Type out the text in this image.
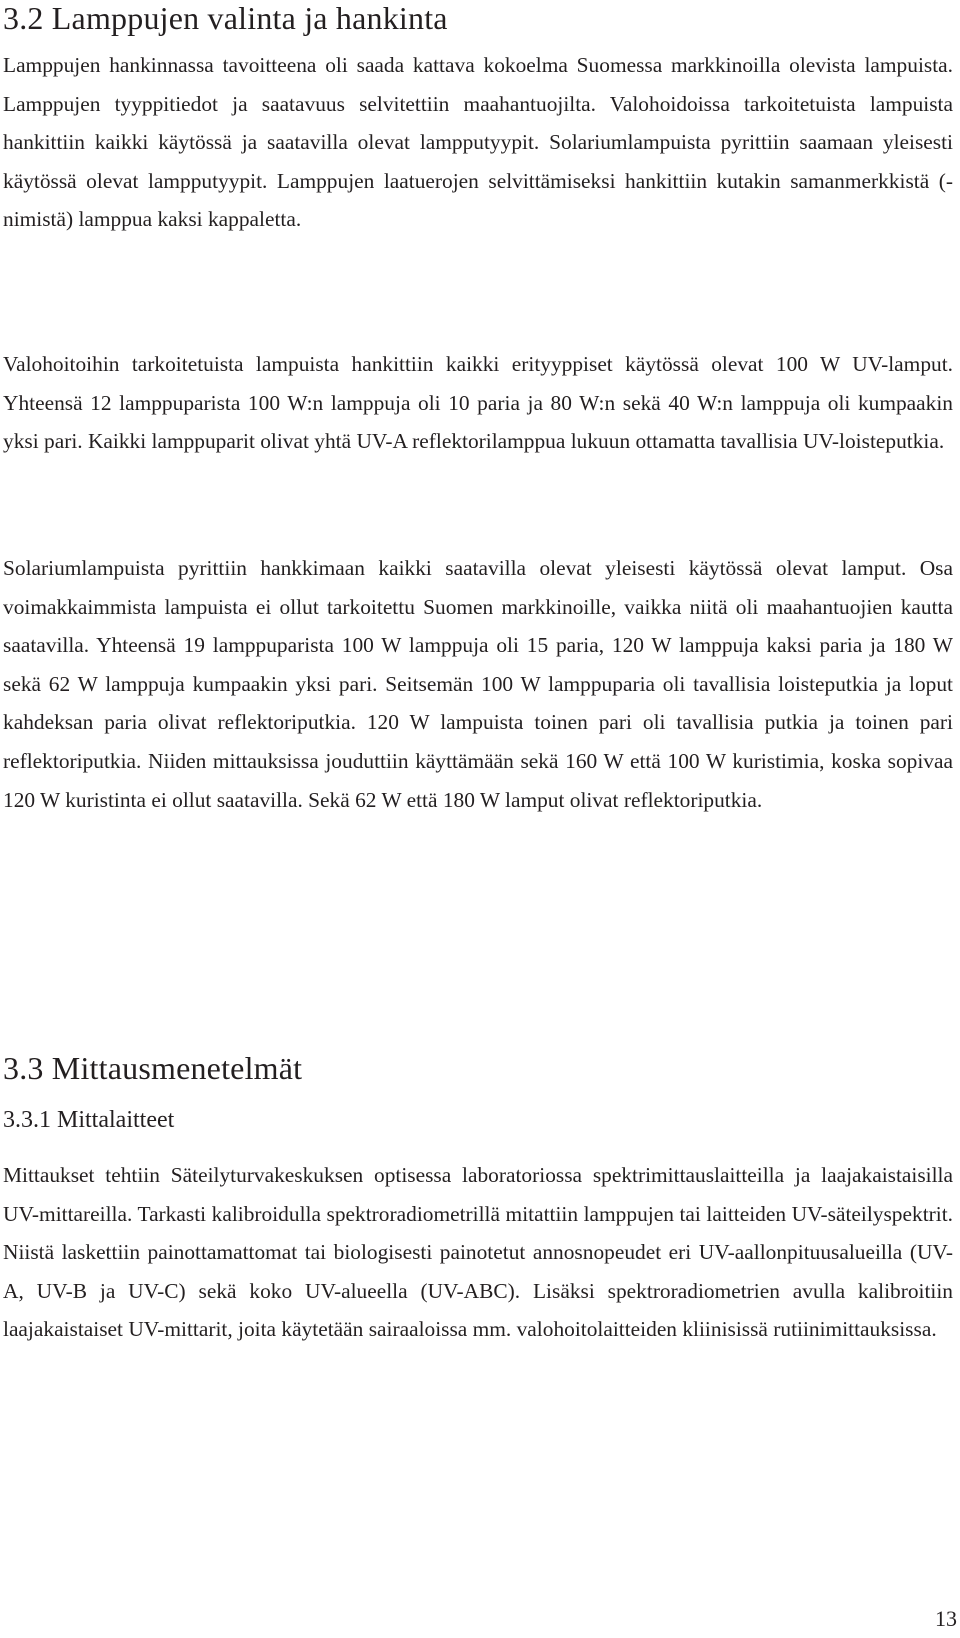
3.2 Lamppujen valinta ja hankinta

Lamppujen hankinnassa tavoitteena oli saada kattava kokoelma Suomessa markkinoilla olevista lampuista. Lamppujen tyyppitiedot ja saatavuus selvitettiin maahantuojilta. Valohoidoissa tarkoitetuista lampuista hankittiin kaikki käytössä ja saatavilla olevat lampputyypit. Solariumlampuista pyrittiin saamaan yleisesti käytössä olevat lampputyypit. Lamppujen laatuerojen selvittämiseksi hankittiin kutakin samanmerkkistä (-nimistä) lamppua kaksi kappaletta.

Valohoitoihin tarkoitetuista lampuista hankittiin kaikki erityyppiset käytössä olevat 100 W UV-lamput. Yhteensä 12 lamppuparista 100 W:n lamppuja oli 10 paria ja 80 W:n sekä 40 W:n lamppuja oli kumpaakin yksi pari. Kaikki lamppuparit olivat yhtä UV-A reflektorilamppua lukuun ottamatta tavallisia UV-loisteputkia.

Solariumlampuista pyrittiin hankkimaan kaikki saatavilla olevat yleisesti käytössä olevat lamput. Osa voimakkaimmista lampuista ei ollut tarkoitettu Suomen markkinoille, vaikka niitä oli maahantuojien kautta saatavilla. Yhteensä 19 lamppuparista 100 W lamppuja oli 15 paria, 120 W lamppuja kaksi paria ja 180 W sekä 62 W lamppuja kumpaakin yksi pari. Seitsemän 100 W lamppuparia oli tavallisia loisteputkia ja loput kahdeksan paria olivat reflektoriputkia. 120 W lampuista toinen pari oli tavallisia putkia ja toinen pari reflektoriputkia. Niiden mittauksissa jouduttiin käyttämään sekä 160 W että 100 W kuristimia, koska sopivaa 120 W kuristinta ei ollut saatavilla. Sekä 62 W että 180 W lamput olivat reflektoriputkia.

3.3 Mittausmenetelmät
3.3.1 Mittalaitteet

Mittaukset tehtiin Säteilyturvakeskuksen optisessa laboratoriossa spektrimittauslaitteilla ja laajakaistaisilla UV-mittareilla. Tarkasti kalibroidulla spektroradiometrillä mitattiin lamppujen tai laitteiden UV-säteilyspektrit. Niistä laskettiin painottamattomat tai biologisesti painotetut annosnopeudet eri UV-aallonpituusalueilla (UV-A, UV-B ja UV-C) sekä koko UV-alueella (UV-ABC). Lisäksi spektroradiometrien avulla kalibroitiin laajakaistaiset UV-mittarit, joita käytetään sairaaloissa mm. valohoitolaitteiden kliinisissä rutiinimittauksissa.

13
